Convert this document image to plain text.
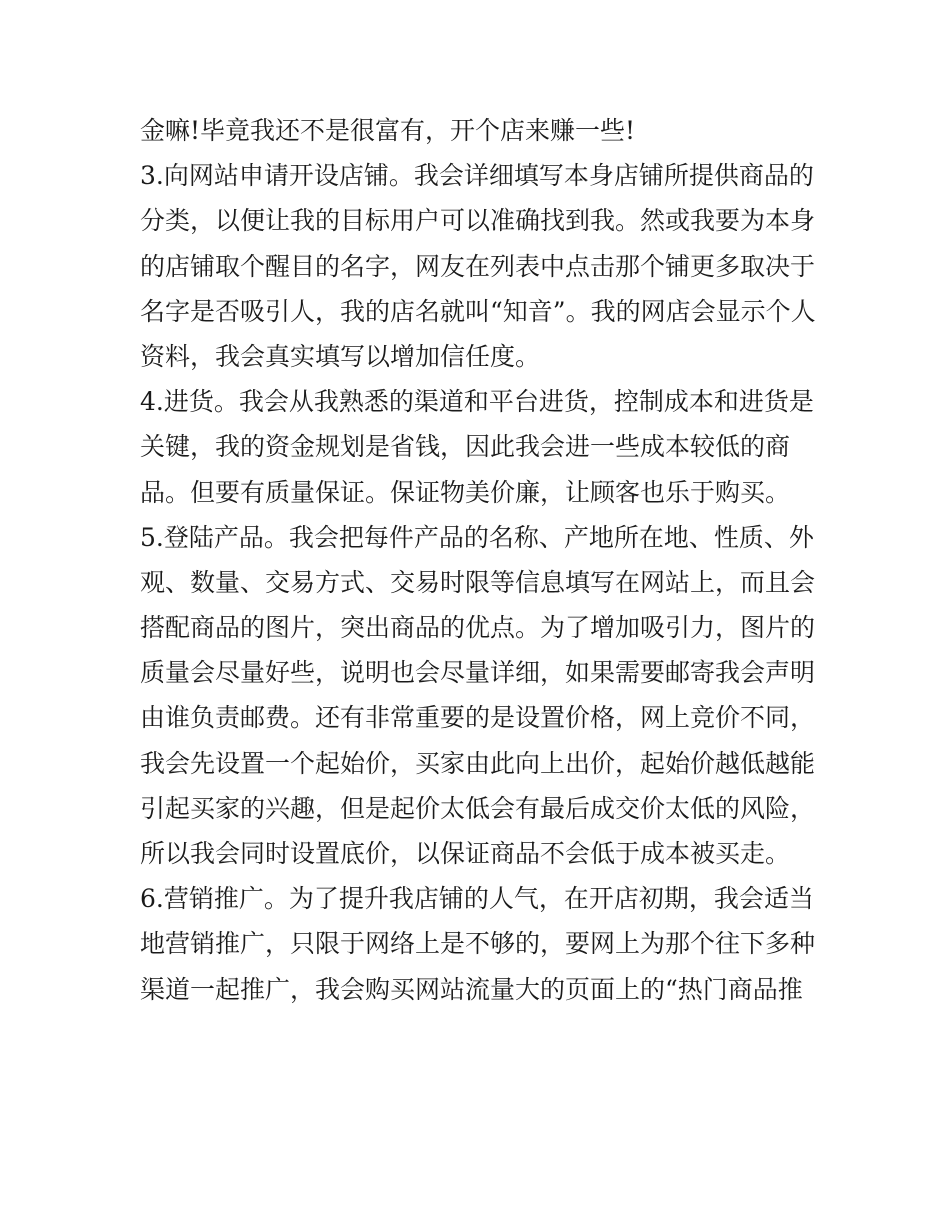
金嘛!毕竟我还不是很富有，开个店来赚一些!
3.向网站申请开设店铺。我会详细填写本身店铺所提供商品的
分类，以便让我的目标用户可以准确找到我。然或我要为本身
的店铺取个醒目的名字，网友在列表中点击那个铺更多取决于
名字是否吸引人，我的店名就叫“知音”。我的网店会显示个人
资料，我会真实填写以增加信任度。
4.进货。我会从我熟悉的渠道和平台进货，控制成本和进货是
关键，我的资金规划是省钱，因此我会进一些成本较低的商
品。但要有质量保证。保证物美价廉，让顾客也乐于购买。
5.登陆产品。我会把每件产品的名称、产地所在地、性质、外
观、数量、交易方式、交易时限等信息填写在网站上，而且会
搭配商品的图片，突出商品的优点。为了增加吸引力，图片的
质量会尽量好些，说明也会尽量详细，如果需要邮寄我会声明
由谁负责邮费。还有非常重要的是设置价格，网上竞价不同，
我会先设置一个起始价，买家由此向上出价，起始价越低越能
引起买家的兴趣，但是起价太低会有最后成交价太低的风险，
所以我会同时设置底价，以保证商品不会低于成本被买走。
6.营销推广。为了提升我店铺的人气，在开店初期，我会适当
地营销推广，只限于网络上是不够的，要网上为那个往下多种
渠道一起推广，我会购买网站流量大的页面上的“热门商品推
